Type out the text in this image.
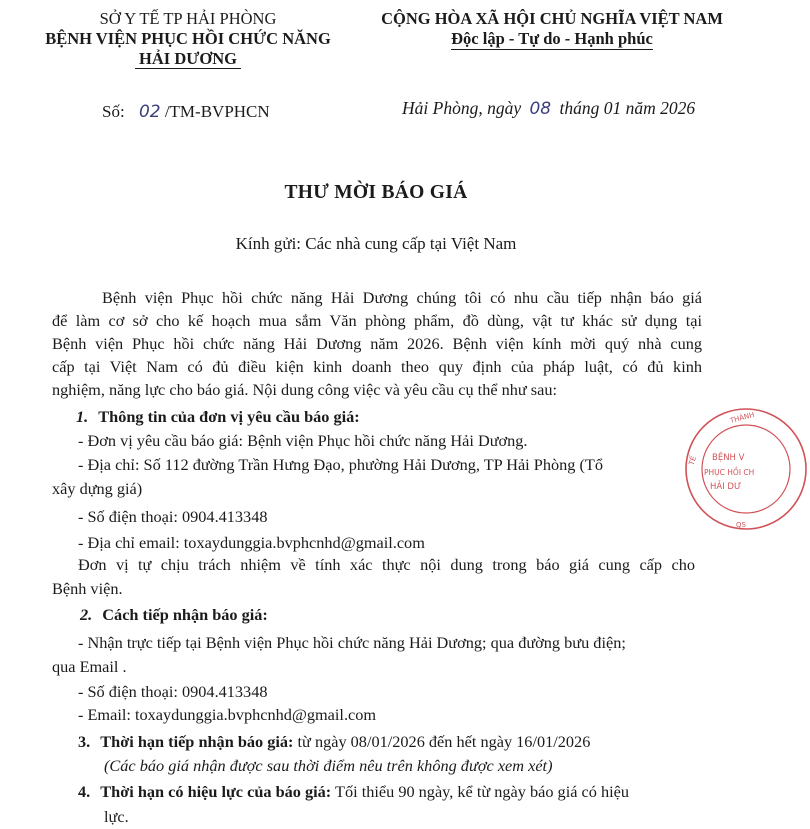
SỞ Y TẾ TP HẢI PHÒNG
BỆNH VIỆN PHỤC HỒI CHỨC NĂNG
HẢI DƯƠNG
CỘNG HÒA XÃ HỘI CHỦ NGHĨA VIỆT NAM
Độc lập - Tự do - Hạnh phúc
Số: 02 /TM-BVPHCN	Hải Phòng, ngày 08 tháng 01 năm 2026
THƯ MỜI BÁO GIÁ
Kính gửi: Các nhà cung cấp tại Việt Nam
Bệnh viện Phục hồi chức năng Hải Dương chúng tôi có nhu cầu tiếp nhận báo giá
để làm cơ sở cho kế hoạch mua sắm Văn phòng phẩm, đồ dùng, vật tư khác sử dụng tại
Bệnh viện Phục hồi chức năng Hải Dương năm 2026. Bệnh viện kính mời quý nhà cung
cấp tại Việt Nam có đủ điều kiện kinh doanh theo quy định của pháp luật, có đủ kinh
nghiệm, năng lực cho báo giá. Nội dung công việc và yêu cầu cụ thể như sau:
1. Thông tin của đơn vị yêu cầu báo giá:
- Đơn vị yêu cầu báo giá: Bệnh viện Phục hồi chức năng Hải Dương.
- Địa chỉ: Số 112 đường Trần Hưng Đạo, phường Hải Dương, TP Hải Phòng (Tổ
xây dựng giá)
- Số điện thoại: 0904.413348
- Địa chỉ email: toxaydunggia.bvphcnhd@gmail.com
Đơn vị tự chịu trách nhiệm về tính xác thực nội dung trong báo giá cung cấp cho
Bệnh viện.
2. Cách tiếp nhận báo giá:
- Nhận trực tiếp tại Bệnh viện Phục hồi chức năng Hải Dương; qua đường bưu điện;
qua Email .
- Số điện thoại: 0904.413348
- Email: toxaydunggia.bvphcnhd@gmail.com
3. Thời hạn tiếp nhận báo giá: từ ngày 08/01/2026 đến hết ngày 16/01/2026
(Các báo giá nhận được sau thời điểm nêu trên không được xem xét)
4. Thời hạn có hiệu lực của báo giá: Tối thiểu 90 ngày, kể từ ngày báo giá có hiệu
lực.
BỆNH V
PHỤC HỒI CH
HẢI DƯ
THÀNH
TẾ
QS
